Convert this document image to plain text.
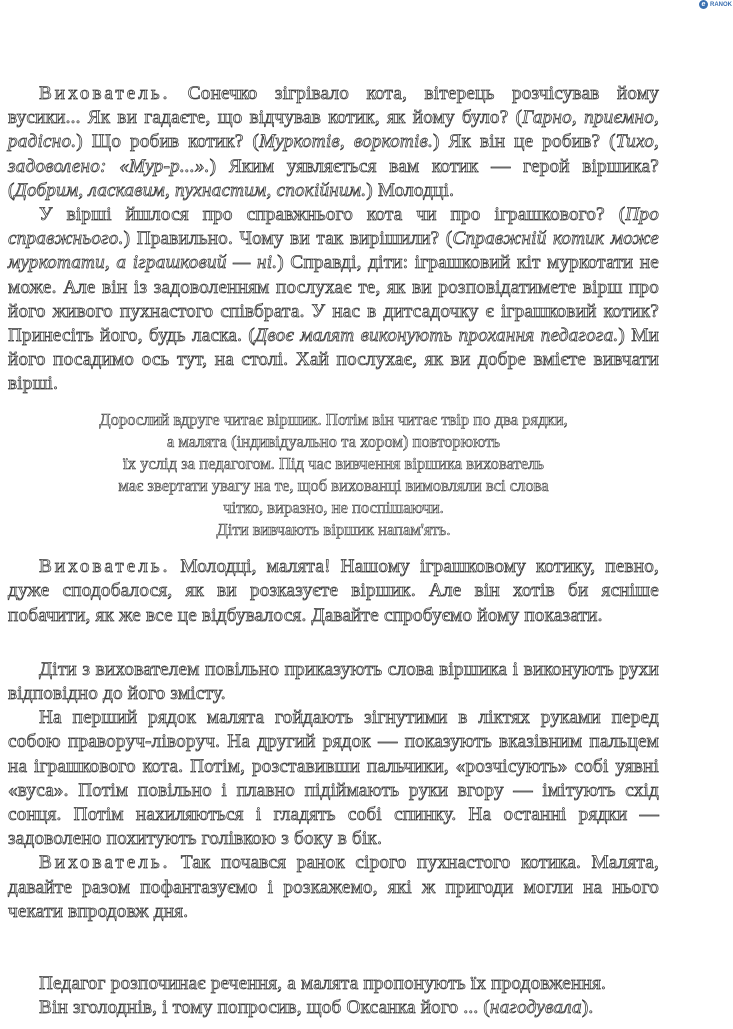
e RANOK

Вихователь. Сонечко зігрівало кота, вітерець розчісував йому вусики... Як ви гадаєте, що відчував котик, як йому було? (Гарно, приємно, радісно.) Що робив котик? (Муркотів, воркотів.) Як він це робив? (Тихо, задоволено: «Мур-р...».) Яким уявляється вам котик — герой віршика? (Добрим, ласкавим, пухнастим, спокійним.) Молодці.

У вірші йшлося про справжнього кота чи про іграшкового? (Про справжнього.) Правильно. Чому ви так вирішили? (Справжній котик може муркотати, а іграшковий — ні.) Справді, діти: іграшковий кіт муркотати не може. Але він із задоволенням послухає те, як ви розповідатимете вірш про його живого пухнастого співбрата. У нас в дитсадочку є іграшковий котик? Принесіть його, будь ласка. (Двоє малят виконують прохання педагога.) Ми його посадимо ось тут, на столі. Хай послухає, як ви добре вмієте вивчати вірші.

Дорослий вдруге читає віршик. Потім він читає твір по два рядки,
а малята (індивідуально та хором) повторюють
їх услід за педагогом. Під час вивчення віршика вихователь
має звертати увагу на те, щоб вихованці вимовляли всі слова
чітко, виразно, не поспішаючи.
Діти вивчають віршик напам'ять.

Вихователь. Молодці, малята! Нашому іграшковому котику, певно, дуже сподобалося, як ви розказуєте віршик. Але він хотів би ясніше побачити, як же все це відбувалося. Давайте спробуємо йому показати.

Діти з вихователем повільно приказують слова віршика і виконують рухи відповідно до його змісту.

На перший рядок малята гойдають зігнутими в ліктях руками перед собою праворуч-ліворуч. На другий рядок — показують вказівним пальцем на іграшкового кота. Потім, розставивши пальчики, «розчісують» собі уявні «вуса». Потім повільно і плавно підіймають руки вгору — імітують схід сонця. Потім нахиляються і гладять собі спинку. На останні рядки — задоволено похитують голівкою з боку в бік.

Вихователь. Так почався ранок сірого пухнастого котика. Малята, давайте разом пофантазуємо і розкажемо, які ж пригоди могли на нього чекати впродовж дня.

Педагог розпочинає речення, а малята пропонують їх продовження.

Він зголоднів, і тому попросив, щоб Оксанка його ... (нагодувала).
